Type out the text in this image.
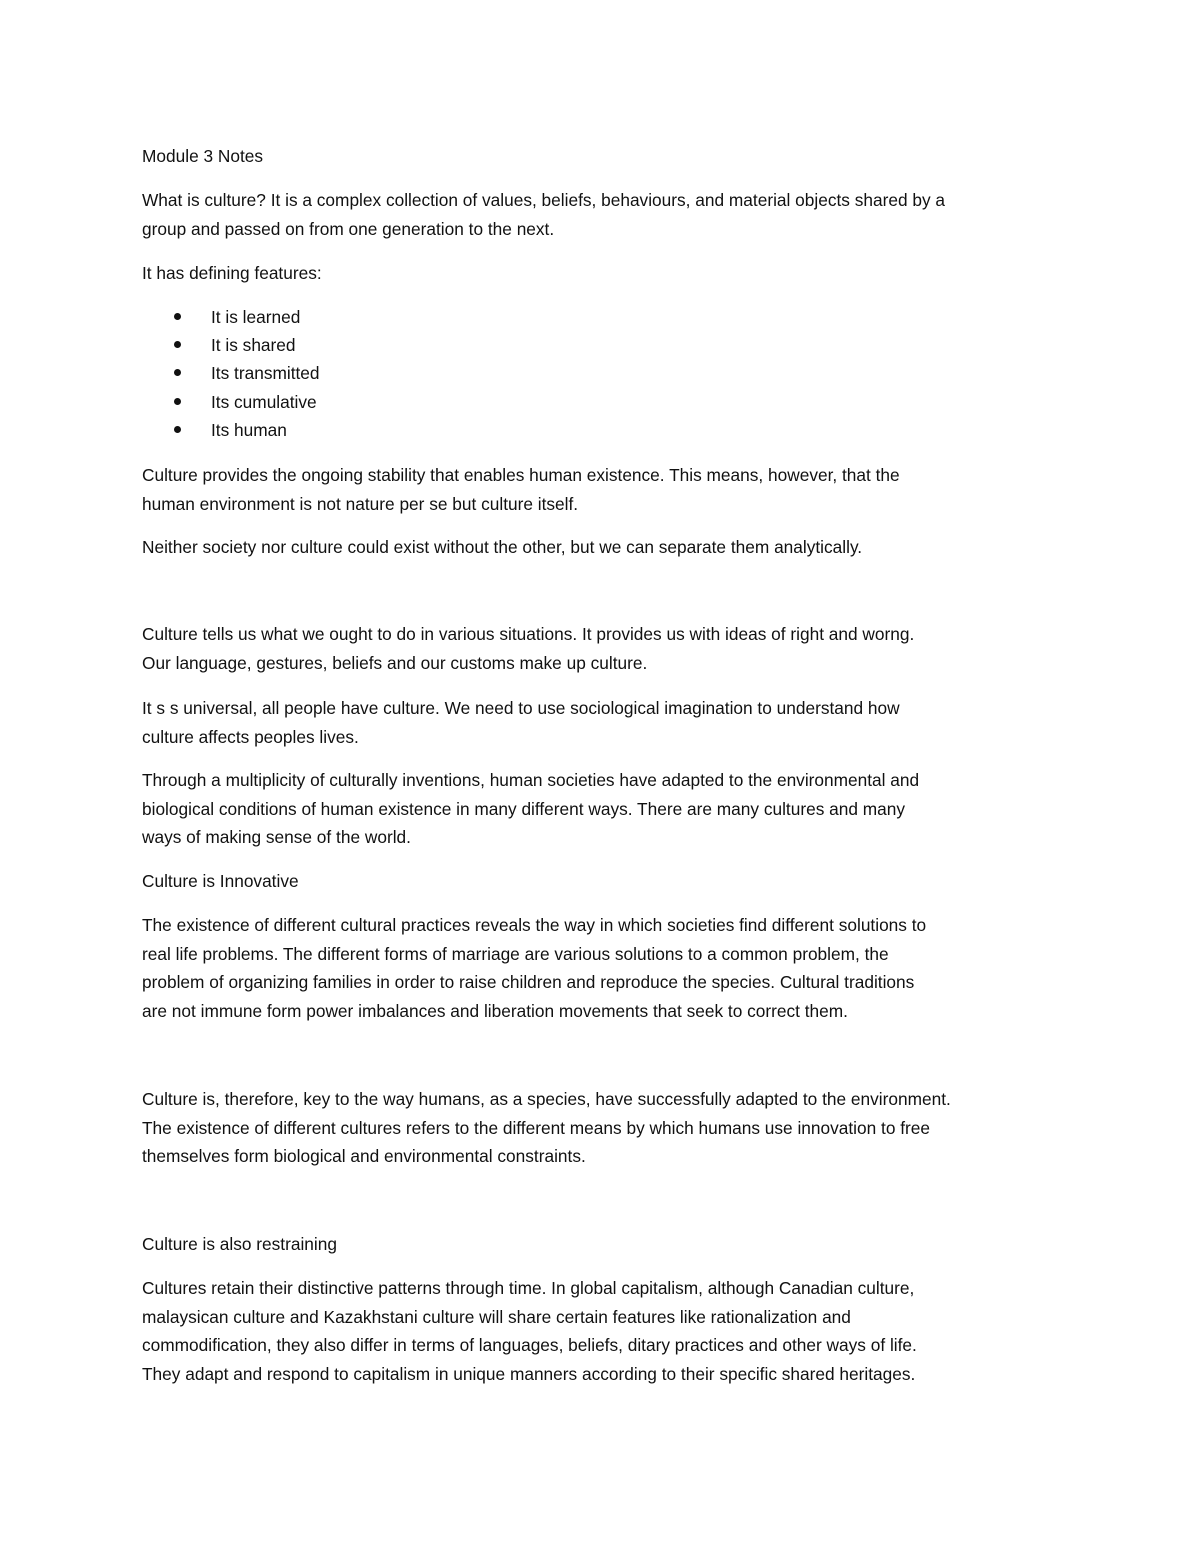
Module 3 Notes

What is culture? It is a complex collection of values, beliefs, behaviours, and material objects shared by a
group and passed on from one generation to the next.

It has defining features:

It is learned
It is shared
Its transmitted
Its cumulative
Its human

Culture provides the ongoing stability that enables human existence. This means, however, that the
human environment is not nature per se but culture itself.

Neither society nor culture could exist without the other, but we can separate them analytically.

Culture tells us what we ought to do in various situations. It provides us with ideas of right and worng.
Our language, gestures, beliefs and our customs make up culture.

It s s universal, all people have culture. We need to use sociological imagination to understand how
culture affects peoples lives.

Through a multiplicity of culturally inventions, human societies have adapted to the environmental and
biological conditions of human existence in many different ways. There are many cultures and many
ways of making sense of the world.

Culture is Innovative

The existence of different cultural practices reveals the way in which societies find different solutions to
real life problems. The different forms of marriage are various solutions to a common problem, the
problem of organizing families in order to raise children and reproduce the species. Cultural traditions
are not immune form power imbalances and liberation movements that seek to correct them.

Culture is, therefore, key to the way humans, as a species, have successfully adapted to the environment.
The existence of different cultures refers to the different means by which humans use innovation to free
themselves form biological and environmental constraints.

Culture is also restraining

Cultures retain their distinctive patterns through time. In global capitalism, although Canadian culture,
malaysican culture and Kazakhstani culture will share certain features like rationalization and
commodification, they also differ in terms of languages, beliefs, ditary practices and other ways of life.
They adapt and respond to capitalism in unique manners according to their specific shared heritages.
